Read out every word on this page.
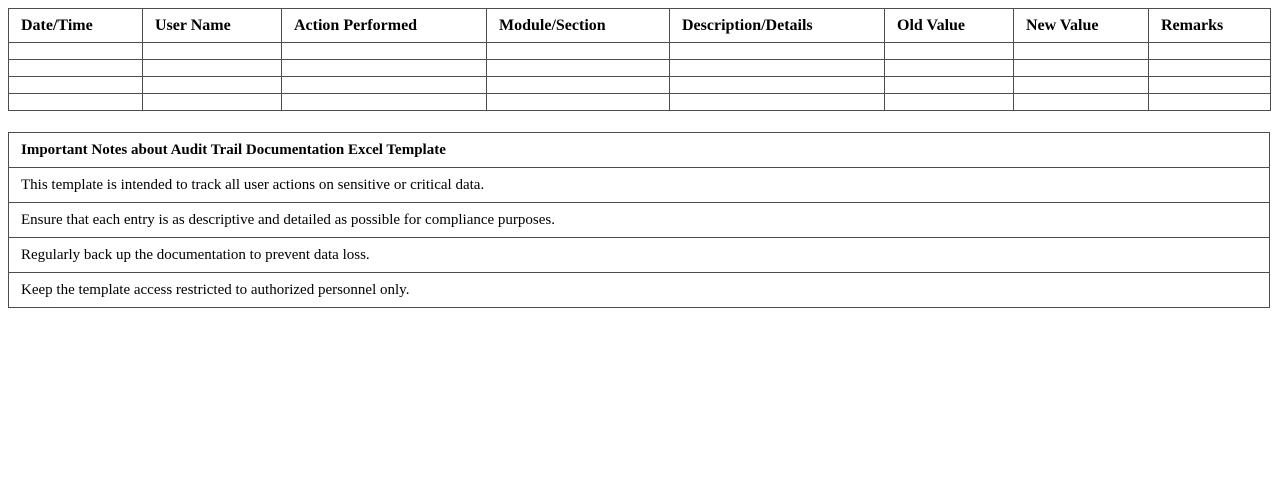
Date/Time	User Name	Action Performed	Module/Section	Description/Details	Old Value	New Value	Remarks

Important Notes about Audit Trail Documentation Excel Template
This template is intended to track all user actions on sensitive or critical data.
Ensure that each entry is as descriptive and detailed as possible for compliance purposes.
Regularly back up the documentation to prevent data loss.
Keep the template access restricted to authorized personnel only.
